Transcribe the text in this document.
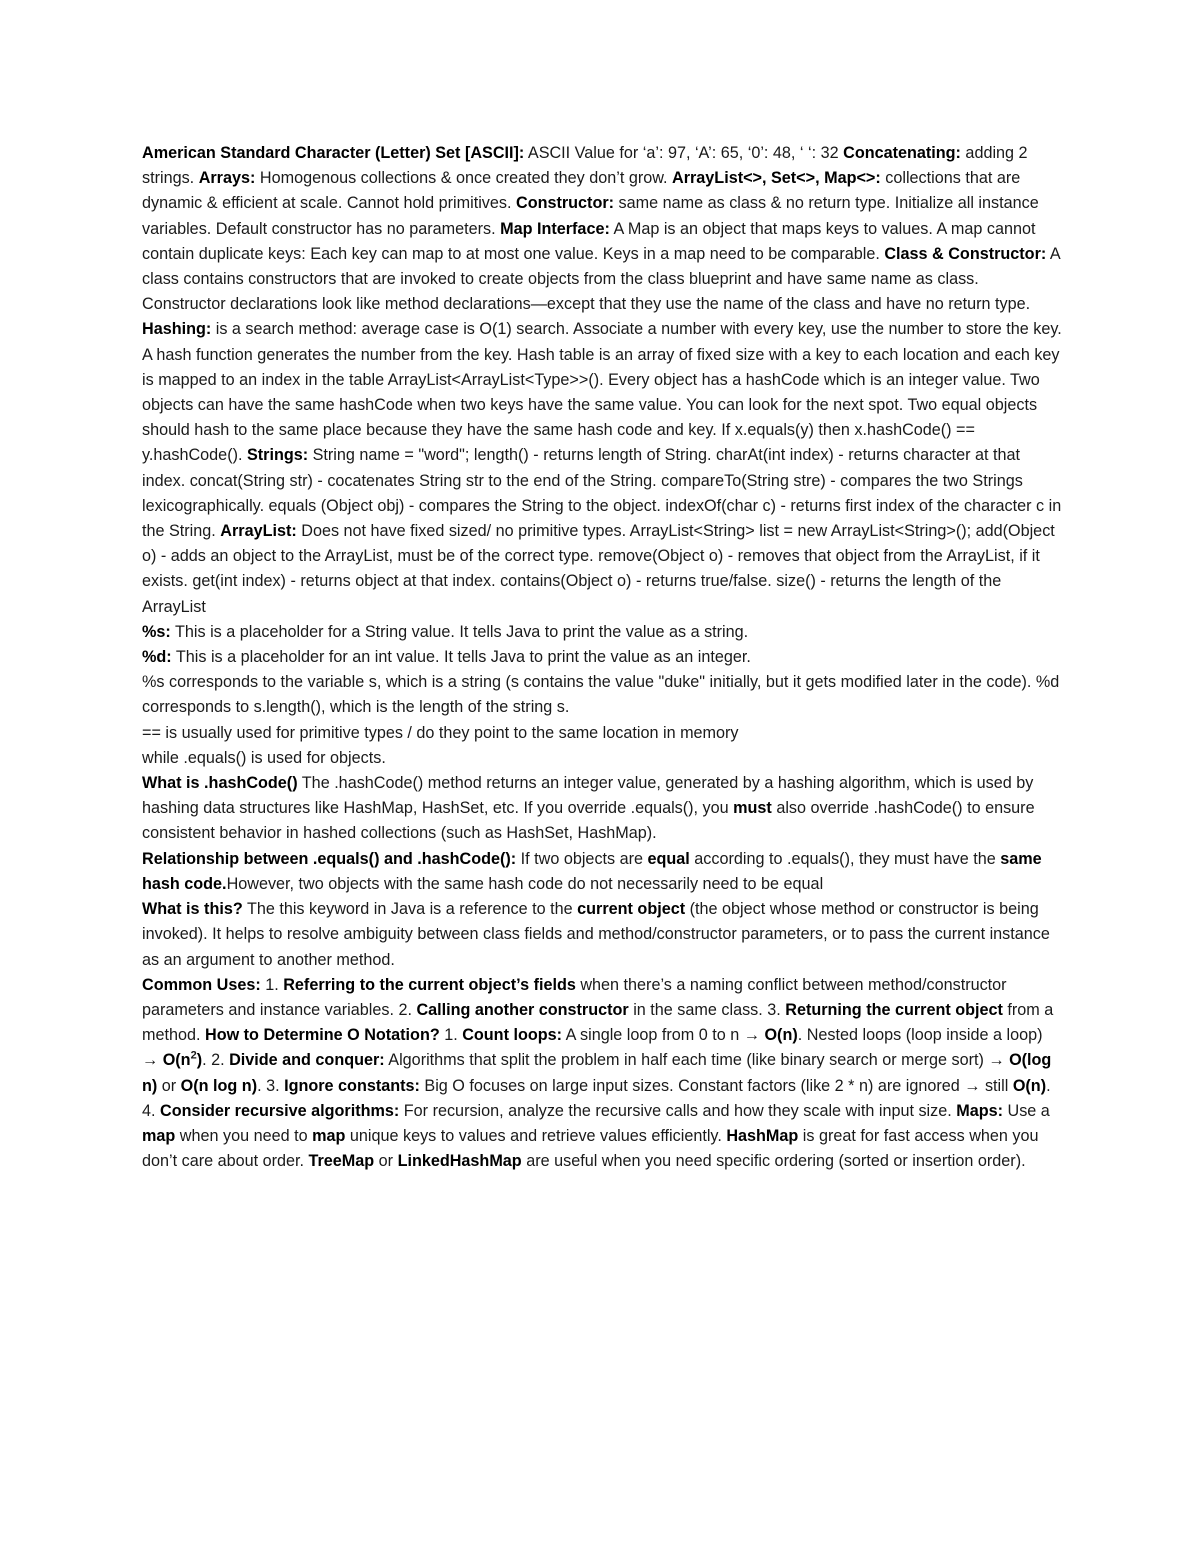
American Standard Character (Letter) Set [ASCII]: ASCII Value for ‘a’: 97, ‘A’: 65, ‘0’: 48, ‘ ‘: 32 Concatenating: adding 2 strings. Arrays: Homogenous collections & once created they don’t grow. ArrayList<>, Set<>, Map<>: collections that are dynamic & efficient at scale. Cannot hold primitives. Constructor: same name as class & no return type. Initialize all instance variables. Default constructor has no parameters. Map Interface: A Map is an object that maps keys to values. A map cannot contain duplicate keys: Each key can map to at most one value. Keys in a map need to be comparable. Class & Constructor: A class contains constructors that are invoked to create objects from the class blueprint and have same name as class. Constructor declarations look like method declarations—except that they use the name of the class and have no return type. Hashing: is a search method: average case is O(1) search. Associate a number with every key, use the number to store the key. A hash function generates the number from the key. Hash table is an array of fixed size with a key to each location and each key is mapped to an index in the table ArrayList<ArrayList<Type>>(). Every object has a hashCode which is an integer value. Two objects can have the same hashCode when two keys have the same value. You can look for the next spot. Two equal objects should hash to the same place because they have the same hash code and key. If x.equals(y) then x.hashCode() == y.hashCode(). Strings: String name = "word"; length() - returns length of String. charAt(int index) - returns character at that index. concat(String str) - cocatenates String str to the end of the String. compareTo(String stre) - compares the two Strings lexicographically. equals (Object obj) - compares the String to the object. indexOf(char c) - returns first index of the character c in the String. ArrayList: Does not have fixed sized/ no primitive types. ArrayList<String> list = new ArrayList<String>(); add(Object o) - adds an object to the ArrayList, must be of the correct type. remove(Object o) - removes that object from the ArrayList, if it exists. get(int index) - returns object at that index. contains(Object o) - returns true/false. size() - returns the length of the ArrayList
%s: This is a placeholder for a String value. It tells Java to print the value as a string.
%d: This is a placeholder for an int value. It tells Java to print the value as an integer.
%s corresponds to the variable s, which is a string (s contains the value "duke" initially, but it gets modified later in the code). %d corresponds to s.length(), which is the length of the string s.
== is usually used for primitive types / do they point to the same location in memory
while .equals() is used for objects.
What is .hashCode() The .hashCode() method returns an integer value, generated by a hashing algorithm, which is used by hashing data structures like HashMap, HashSet, etc. If you override .equals(), you must also override .hashCode() to ensure consistent behavior in hashed collections (such as HashSet, HashMap).
Relationship between .equals() and .hashCode(): If two objects are equal according to .equals(), they must have the same hash code.However, two objects with the same hash code do not necessarily need to be equal
What is this? The this keyword in Java is a reference to the current object (the object whose method or constructor is being invoked). It helps to resolve ambiguity between class fields and method/constructor parameters, or to pass the current instance as an argument to another method.
Common Uses: 1. Referring to the current object’s fields when there’s a naming conflict between method/constructor parameters and instance variables. 2. Calling another constructor in the same class. 3. Returning the current object from a method. How to Determine O Notation? 1. Count loops: A single loop from 0 to n → O(n). Nested loops (loop inside a loop) → $O(n^2)$. 2. Divide and conquer: Algorithms that split the problem in half each time (like binary search or merge sort) → O(log n) or O(n log n). 3. Ignore constants: Big O focuses on large input sizes. Constant factors (like 2 * n) are ignored → still O(n). 4. Consider recursive algorithms: For recursion, analyze the recursive calls and how they scale with input size. Maps: Use a map when you need to map unique keys to values and retrieve values efficiently. HashMap is great for fast access when you don’t care about order. TreeMap or LinkedHashMap are useful when you need specific ordering (sorted or insertion order).
